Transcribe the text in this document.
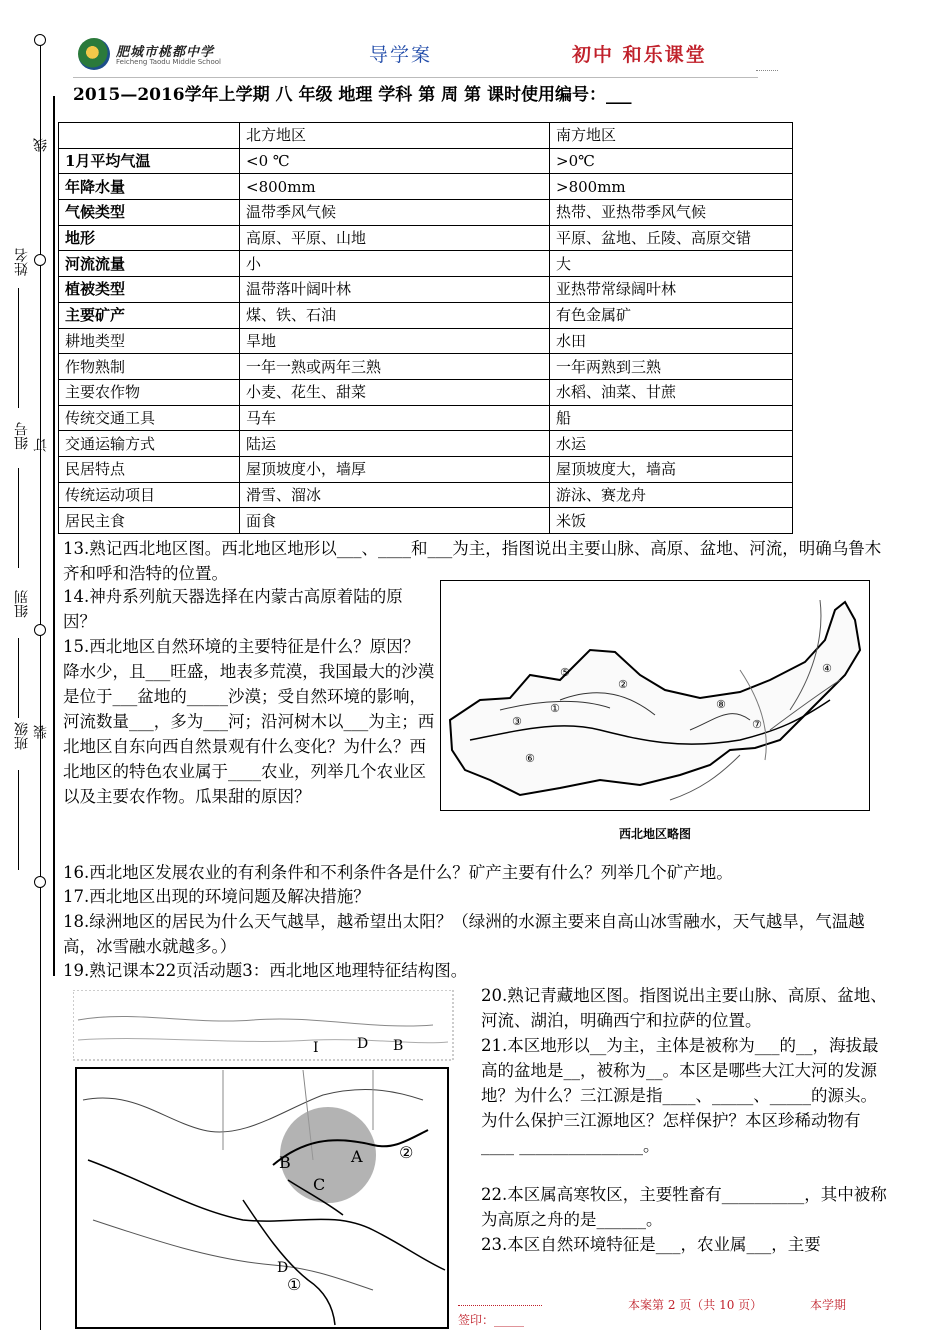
肥城市桃都中学
Feicheng Taodu Middle School	导学案	初中 和乐课堂
2015—2016学年上学期 八 年级 地理 学科 第 周 第 课时使用编号：___
线
姓名
订
组号
组别
装
班级
	北方地区	南方地区
1月平均气温	<0 ℃	>0℃
年降水量	<800mm	>800mm
气候类型	温带季风气候	热带、亚热带季风气候
地形	高原、平原、山地	平原、盆地、丘陵、高原交错
河流流量	小	大
植被类型	温带落叶阔叶林	亚热带常绿阔叶林
主要矿产	煤、铁、石油	有色金属矿
耕地类型	旱地	水田
作物熟制	一年一熟或两年三熟	一年两熟到三熟
主要农作物	小麦、花生、甜菜	水稻、油菜、甘蔗
传统交通工具	马车	船
交通运输方式	陆运	水运
民居特点	屋顶坡度小，墙厚	屋顶坡度大，墙高
传统运动项目	滑雪、溜冰	游泳、赛龙舟
居民主食	面食	米饭
13.熟记西北地区图。西北地区地形以___、____和___为主，指图说出主要山脉、高原、盆地、河流，明确乌鲁木齐和呼和浩特的位置。
14.神舟系列航天器选择在内蒙古高原着陆的原因？
15.西北地区自然环境的主要特征是什么？原因？降水少，且___旺盛，地表多荒漠，我国最大的沙漠是位于___盆地的_____沙漠；受自然环境的影响，河流数量___，多为___河；沿河树木以___为主；西北地区自东向西自然景观有什么变化？为什么？西北地区的特色农业属于____农业，列举几个农业区以及主要农作物。瓜果甜的原因？
①
②
③
④
⑤
⑥
⑦
⑧
西北地区略图
16.西北地区发展农业的有利条件和不利条件各是什么？矿产主要有什么？列举几个矿产地。
17.西北地区出现的环境问题及解决措施？
18.绿洲地区的居民为什么天气越旱，越希望出太阳？（绿洲的水源主要来自高山冰雪融水，天气越旱，气温越高，冰雪融水就越多。）
19.熟记课本22页活动题3：西北地区地理特征结构图。
I	D B
B	A
C
D
①
②
20.熟记青藏地区图。指图说出主要山脉、高原、盆地、河流、湖泊，明确西宁和拉萨的位置。
21.本区地形以__为主，主体是被称为___的__，海拔最高的盆地是__，被称为__。本区是哪些大江大河的发源地？为什么？三江源是指____、_____、_____的源头。为什么保护三江源地区？怎样保护？本区珍稀动物有____ _______________。
22.本区属高寒牧区，主要牲畜有__________，其中被称为高原之舟的是______。
23.本区自然环境特征是___，农业属___，主要
本案第 2 页（共 10 页）	本学期
签印：_____
